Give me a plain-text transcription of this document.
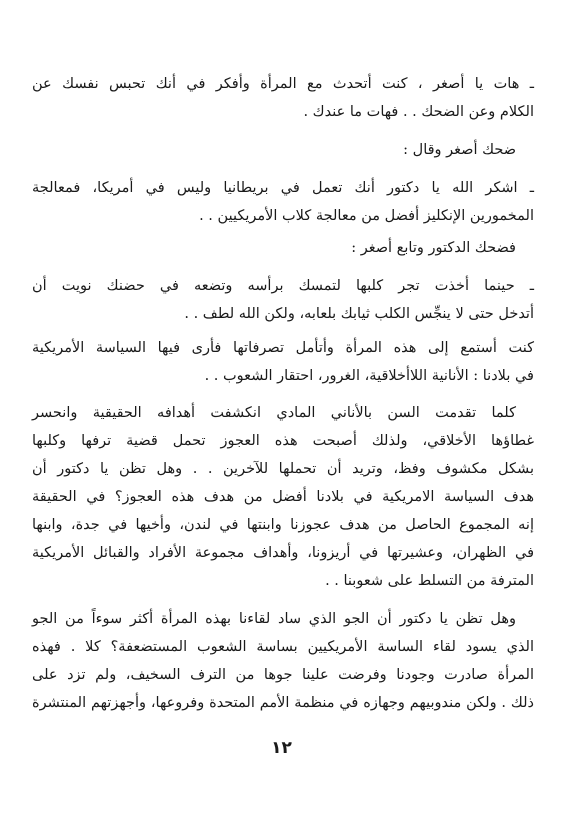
ـ هات يا أصغر ، كنت أتحدث مع المرأة وأفكر في أنك تحبس نفسك عن
الكلام وعن الضحك . . فهات ما عندك .
ضحك أصغر وقال :
ـ اشكر الله يا دكتور أنك تعمل في بريطانيا وليس في أمريكا، فمعالجة
المخمورين الإنكليز أفضل من معالجة كلاب الأمريكيين . .
فضحك الدكتور وتابع أصغر :
ـ حينما أخذت تجر كلبها لتمسك برأسه وتضعه في حضنك نويت أن
أتدخل حتى لا ينجِّس الكلب ثيابك بلعابه، ولكن الله لطف . .
كنت أستمع إلى هذه المرأة وأتأمل تصرفاتها فأرى فيها السياسة الأمريكية
في بلادنا : الأنانية اللاأخلاقية، الغرور، احتقار الشعوب . .
كلما تقدمت السن بالأناني المادي انكشفت أهدافه الحقيقية وانحسر
غطاؤها الأخلاقي، ولذلك أصبحت هذه العجوز تحمل قضية ترفها وكلبها
بشكل مكشوف وفظ، وتريد أن تحملها للآخرين . . وهل تظن يا دكتور أن
هدف السياسة الامريكية في بلادنا أفضل من هدف هذه العجوز؟ في الحقيقة
إنه المجموع الحاصل من هدف عجوزنا وابنتها في لندن، وأخيها في جدة، وابنها
في الظهران، وعشيرتها في أريزونا، وأهداف مجموعة الأفراد والقبائل الأمريكية
المترفة من التسلط على شعوبنا . .
وهل تظن يا دكتور أن الجو الذي ساد لقاءنا بهذه المرأة أكثر سوءاً من الجو
الذي يسود لقاء الساسة الأمريكيين بساسة الشعوب المستضعفة؟ كلا . فهذه
المرأة صادرت وجودنا وفرضت علينا جوها من الترف السخيف، ولم تزد على
ذلك . ولكن مندوبيهم وجهازه في منظمة الأمم المتحدة وفروعها، وأجهزتهم المنتشرة
١٢
